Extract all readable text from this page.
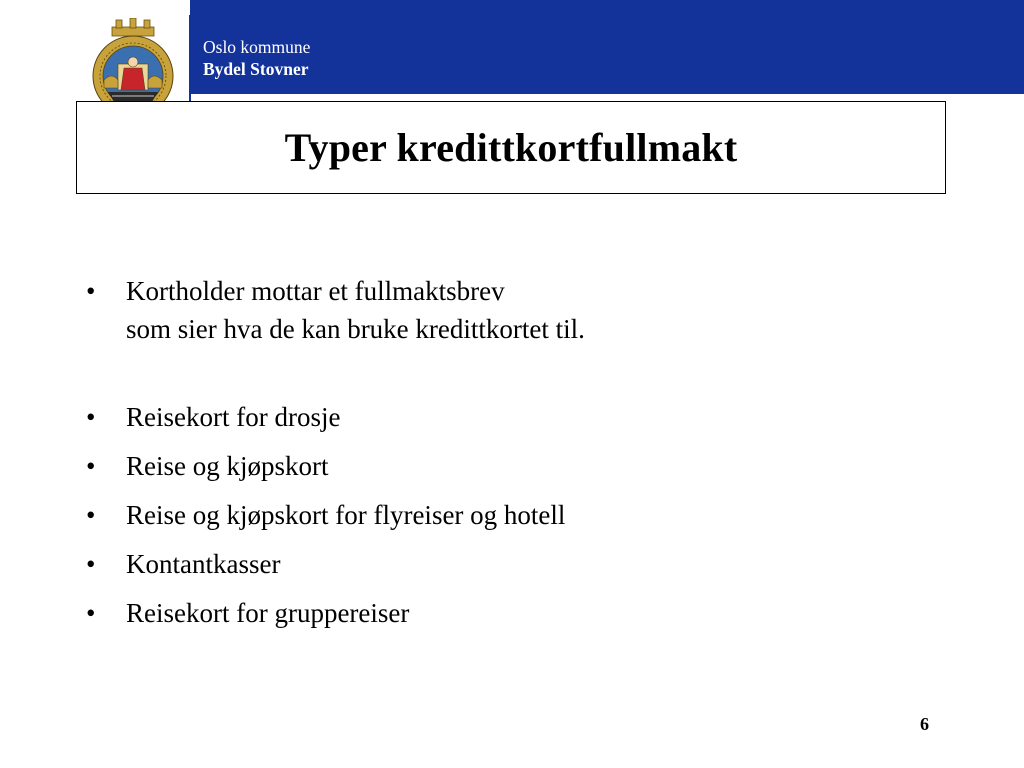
Oslo kommune
Bydel Stovner
Typer kredittkortfullmakt
• Kortholder mottar et fullmaktsbrev
som sier hva de kan bruke kredittkortet til.
• Reisekort for drosje
• Reise og kjøpskort
• Reise og kjøpskort for flyreiser og hotell
• Kontantkasser
• Reisekort for gruppereiser
6
